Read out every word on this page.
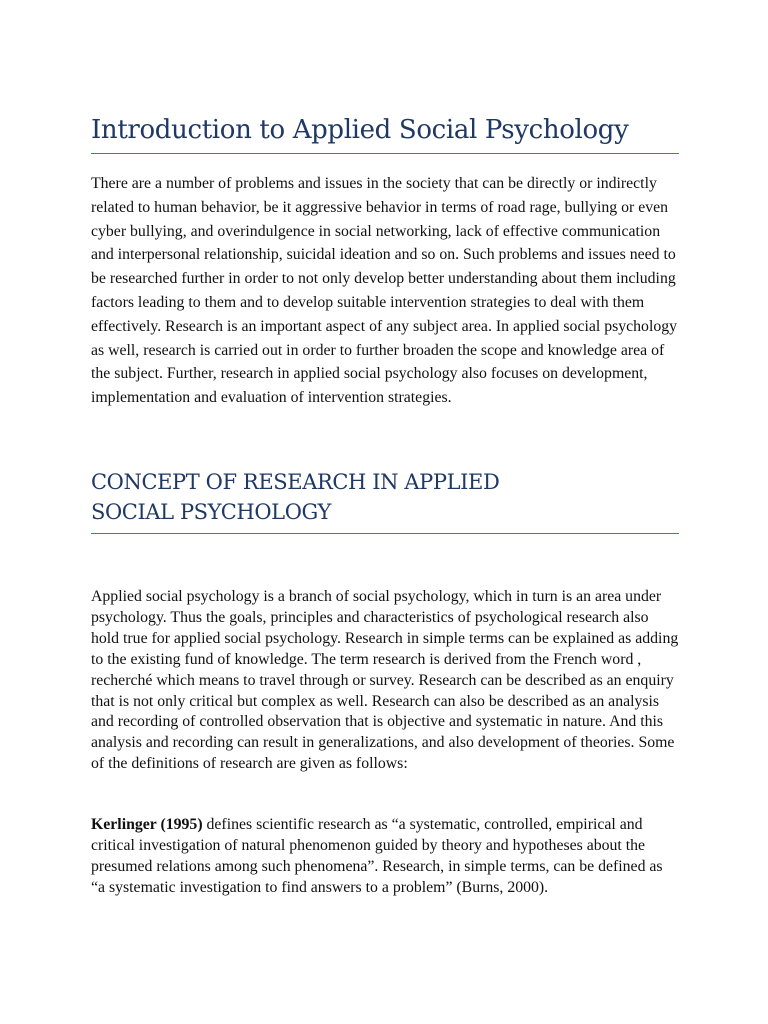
Introduction to Applied Social Psychology

There are a number of problems and issues in the society that can be directly or indirectly related to human behavior, be it aggressive behavior in terms of road rage, bullying or even cyber bullying, and overindulgence in social networking, lack of effective communication and interpersonal relationship, suicidal ideation and so on. Such problems and issues need to be researched further in order to not only develop better understanding about them including factors leading to them and to develop suitable intervention strategies to deal with them effectively. Research is an important aspect of any subject area. In applied social psychology as well, research is carried out in order to further broaden the scope and knowledge area of the subject. Further, research in applied social psychology also focuses on development, implementation and evaluation of intervention strategies.

CONCEPT OF RESEARCH IN APPLIED
SOCIAL PSYCHOLOGY

Applied social psychology is a branch of social psychology, which in turn is an area under psychology. Thus the goals, principles and characteristics of psychological research also hold true for applied social psychology. Research in simple terms can be explained as adding to the existing fund of knowledge. The term research is derived from the French word , recherché which means to travel through or survey. Research can be described as an enquiry that is not only critical but complex as well. Research can also be described as an analysis and recording of controlled observation that is objective and systematic in nature. And this analysis and recording can result in generalizations, and also development of theories. Some of the definitions of research are given as follows:

Kerlinger (1995) defines scientific research as “a systematic, controlled, empirical and critical investigation of natural phenomenon guided by theory and hypotheses about the presumed relations among such phenomena”. Research, in simple terms, can be defined as “a systematic investigation to find answers to a problem” (Burns, 2000).
